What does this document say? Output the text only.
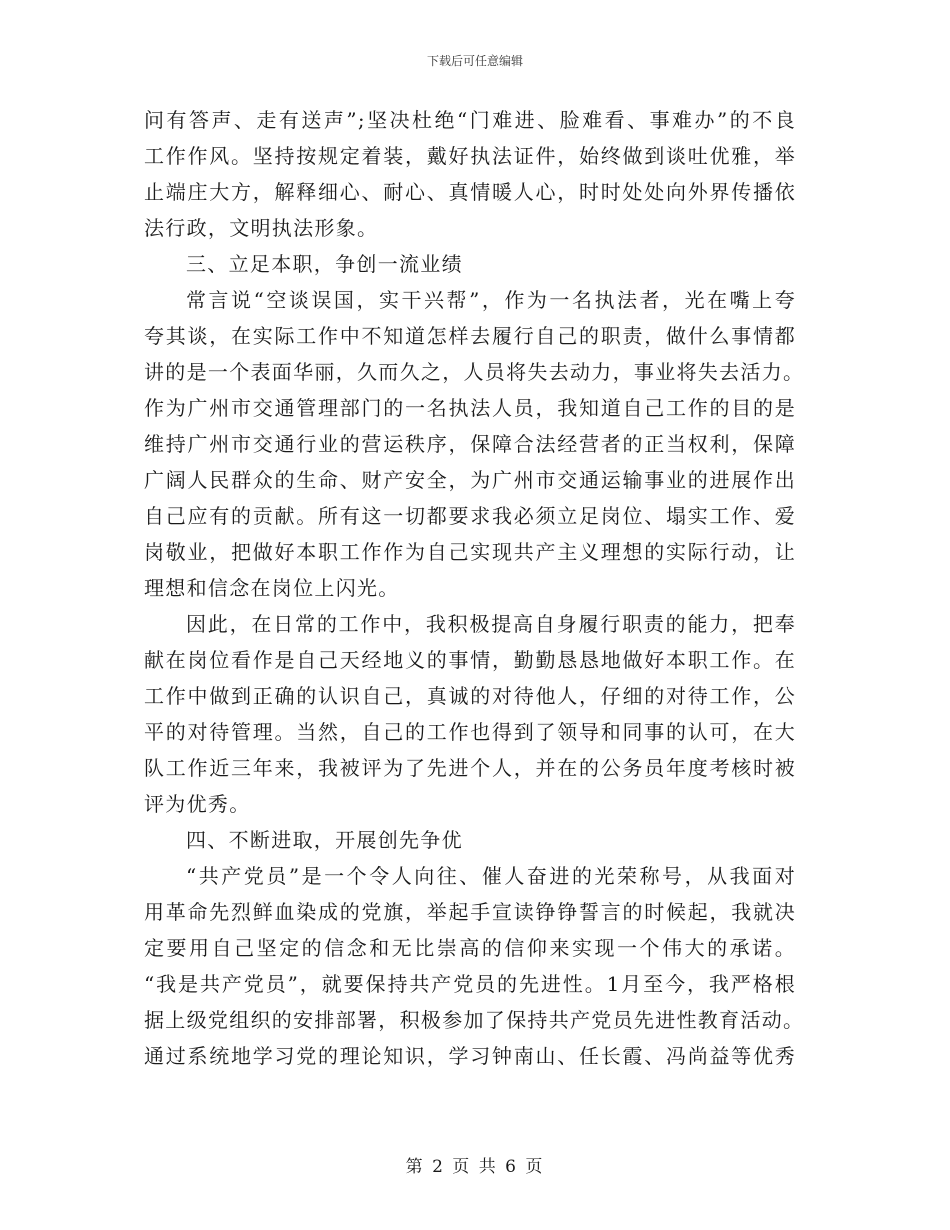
下载后可任意编辑
问有答声、走有送声”;坚决杜绝“门难进、脸难看、事难办”的不良
工作作风。坚持按规定着装，戴好执法证件，始终做到谈吐优雅，举
止端庄大方，解释细心、耐心、真情暖人心，时时处处向外界传播依
法行政，文明执法形象。
三、立足本职，争创一流业绩
常言说“空谈误国，实干兴帮”，作为一名执法者，光在嘴上夸
夸其谈，在实际工作中不知道怎样去履行自己的职责，做什么事情都
讲的是一个表面华丽，久而久之，人员将失去动力，事业将失去活力。
作为广州市交通管理部门的一名执法人员，我知道自己工作的目的是
维持广州市交通行业的营运秩序，保障合法经营者的正当权利，保障
广阔人民群众的生命、财产安全，为广州市交通运输事业的进展作出
自己应有的贡献。所有这一切都要求我必须立足岗位、塌实工作、爱
岗敬业，把做好本职工作作为自己实现共产主义理想的实际行动，让
理想和信念在岗位上闪光。
因此，在日常的工作中，我积极提高自身履行职责的能力，把奉
献在岗位看作是自己天经地义的事情，勤勤恳恳地做好本职工作。在
工作中做到正确的认识自己，真诚的对待他人，仔细的对待工作，公
平的对待管理。当然，自己的工作也得到了领导和同事的认可，在大
队工作近三年来，我被评为了先进个人，并在的公务员年度考核时被
评为优秀。
四、不断进取，开展创先争优
“共产党员”是一个令人向往、催人奋进的光荣称号，从我面对
用革命先烈鲜血染成的党旗，举起手宣读铮铮誓言的时候起，我就决
定要用自己坚定的信念和无比崇高的信仰来实现一个伟大的承诺。
“我是共产党员”，就要保持共产党员的先进性。1月至今，我严格根
据上级党组织的安排部署，积极参加了保持共产党员先进性教育活动。
通过系统地学习党的理论知识，学习钟南山、任长霞、冯尚益等优秀
第 2 页 共 6 页
